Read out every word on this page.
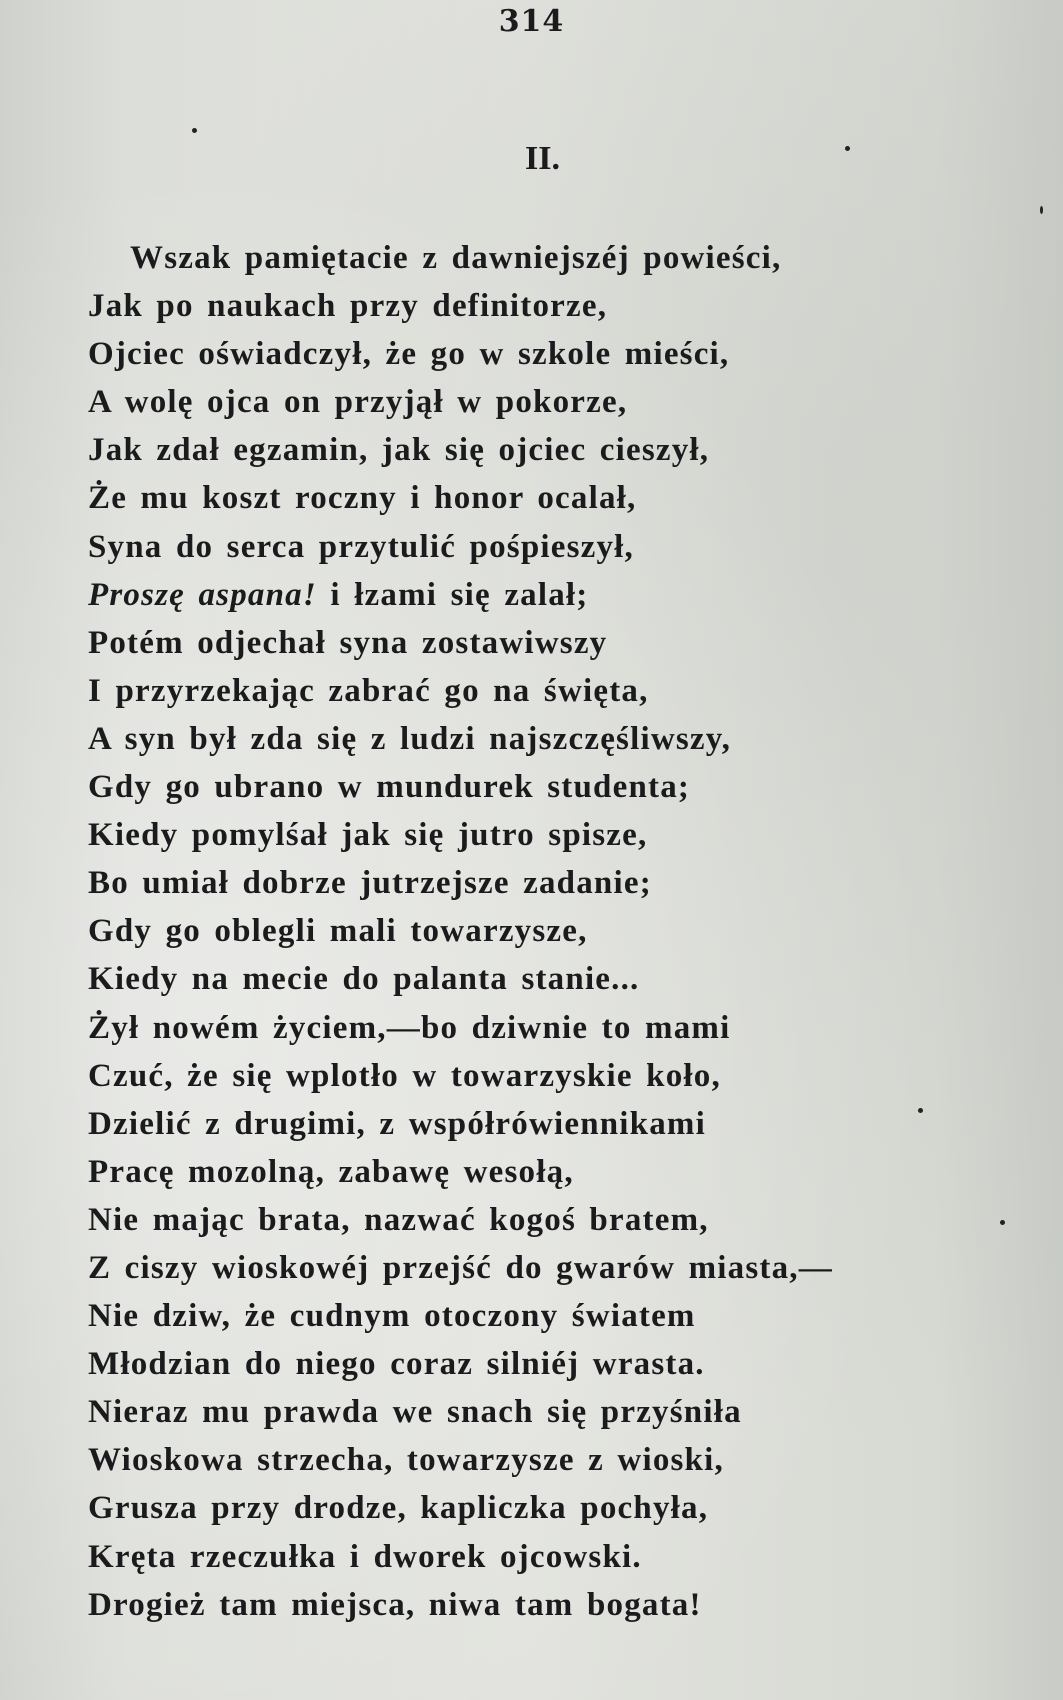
314
II.
Wszak pamiętacie z dawniejszéj powieści,
Jak po naukach przy definitorze,
Ojciec oświadczył, że go w szkole mieści,
A wolę ojca on przyjął w pokorze,
Jak zdał egzamin, jak się ojciec cieszył,
Że mu koszt roczny i honor ocalał,
Syna do serca przytulić pośpieszył,
Proszę aspana! i łzami się zalał;
Potém odjechał syna zostawiwszy
I przyrzekając zabrać go na święta,
A syn był zda się z ludzi najszczęśliwszy,
Gdy go ubrano w mundurek studenta;
Kiedy pomylśał jak się jutro spisze,
Bo umiał dobrze jutrzejsze zadanie;
Gdy go oblegli mali towarzysze,
Kiedy na mecie do palanta stanie...
Żył nowém życiem,—bo dziwnie to mami
Czuć, że się wplotło w towarzyskie koło,
Dzielić z drugimi, z współrówiennikami
Pracę mozolną, zabawę wesołą,
Nie mając brata, nazwać kogoś bratem,
Z ciszy wioskowéj przejść do gwarów miasta,—
Nie dziw, że cudnym otoczony światem
Młodzian do niego coraz silniéj wrasta.
Nieraz mu prawda we snach się przyśniła
Wioskowa strzecha, towarzysze z wioski,
Grusza przy drodze, kapliczka pochyła,
Kręta rzeczułka i dworek ojcowski.
Drogież tam miejsca, niwa tam bogata!
